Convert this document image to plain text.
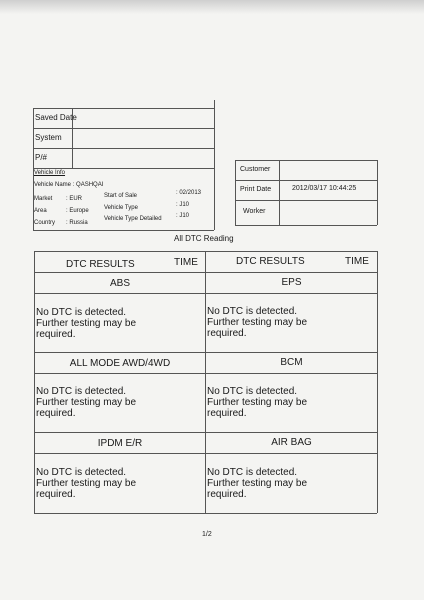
Saved Date
System
P/#
Vehicle Info
Vehicle Name : QASHQAI
Market : EUR
Area	: Europe
Country : Russia
Start of Sale	: 02/2013
Vehicle Type	: J10
Vehicle Type Detailed : J10
Customer
Print Date	2012/03/17 10:44:25
Worker
All DTC Reading
DTC RESULTS	TIME	DTC RESULTS	TIME
ABS	EPS
No DTC is detected.
Further testing may be
required.
No DTC is detected.
Further testing may be
required.
ALL MODE AWD/4WD	BCM
No DTC is detected.
Further testing may be
required.
No DTC is detected.
Further testing may be
required.
IPDM E/R	AIR BAG
No DTC is detected.
Further testing may be
required.
No DTC is detected.
Further testing may be
required.
1/2
